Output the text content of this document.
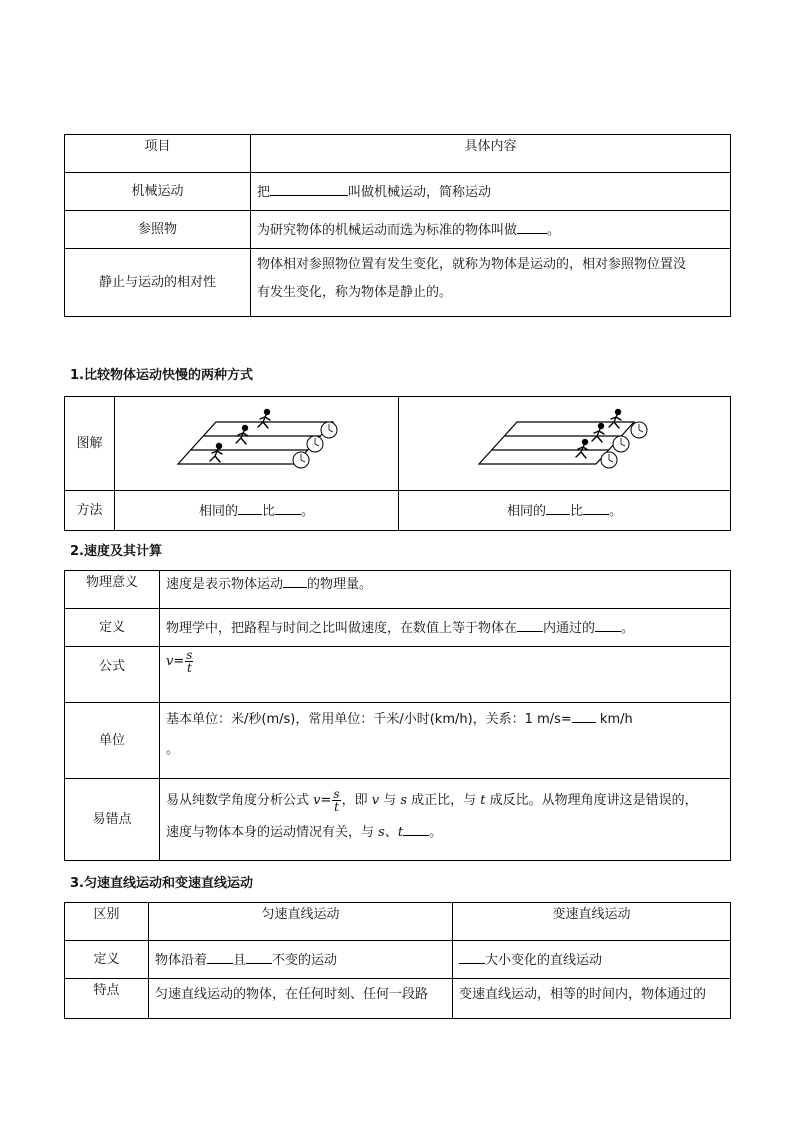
项目	具体内容
机械运动	把 叫做机械运动，简称运动
参照物	为研究物体的机械运动而选为标准的物体叫做 。
静止与运动的相对性	物体相对参照物位置有发生变化，就称为物体是运动的，相对参照物位置没
有发生变化，称为物体是静止的。
1.比较物体运动快慢的两种方式
图解	

方法	相同的 比 。	相同的 比 。
2.速度及其计算
物理意义	速度是表示物体运动 的物理量。
定义	物理学中，把路程与时间之比叫做速度，在数值上等于物体在 内通过的 。
公式	$v= \frac{s}{t}$

单位	基本单位：米/秒(m/s)，常用单位：千米/小时(km/h)，关系：1 m/s= km/h
。
易错点	易从纯数学角度分析公式 $v= \frac{s}{t}$ ，即 v 与 s 成正比，与 t 成反比。从物理角度讲这是错误的，
速度与物体本身的运动情况有关，与 s、t 。
3.匀速直线运动和变速直线运动
区别	匀速直线运动	变速直线运动
定义	物体沿着 且 不变的运动	大小变化的直线运动
特点	匀速直线运动的物体，在任何时刻、任何一段路	变速直线运动，相等的时间内，物体通过的
